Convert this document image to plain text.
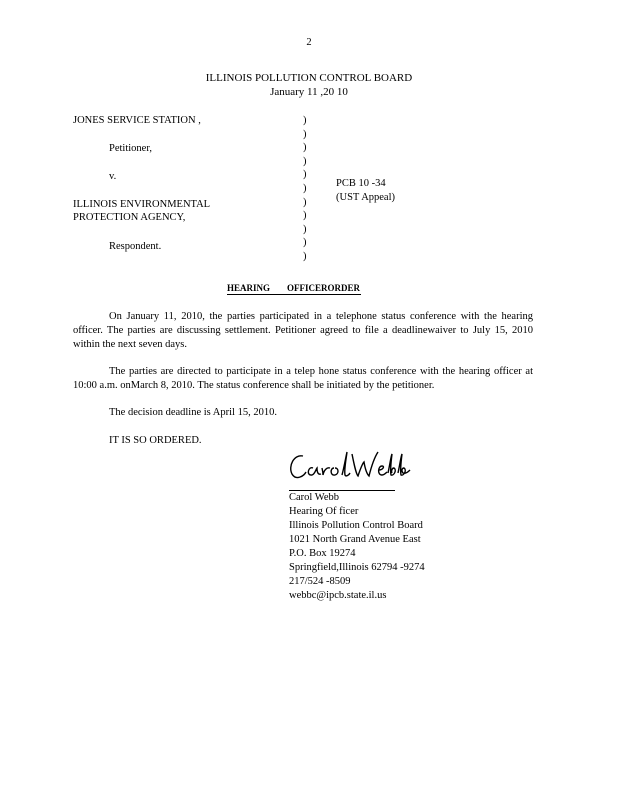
2
ILLINOIS POLLUTION CONTROL BOARD
January 11 ,20 10
JONES SERVICE STATION ,
Petitioner,
v.
ILLINOIS ENVIRONMENTAL
PROTECTION AGENCY,
Respondent.
)
)
)
)
)
)
)
)
)
)
)
PCB 10 -34
(UST Appeal)
HEARING OFFICERORDER
On January 11, 2010, the parties participated in a telephone status conference with the hearing officer. The parties are discussing settlement. Petitioner agreed to file a deadlinewaiver to July 15, 2010 within the next seven days.
The parties are directed to participate in a telep hone status conference with the hearing officer at 10:00 a.m. onMarch 8, 2010. The status conference shall be initiated by the petitioner.
The decision deadline is April 15, 2010.
IT IS SO ORDERED.
Carol Webb
Hearing Of ficer
Illinois Pollution Control Board
1021 North Grand Avenue East
P.O. Box 19274
Springfield,Illinois 62794 -9274
217/524 -8509
webbc@ipcb.state.il.us
